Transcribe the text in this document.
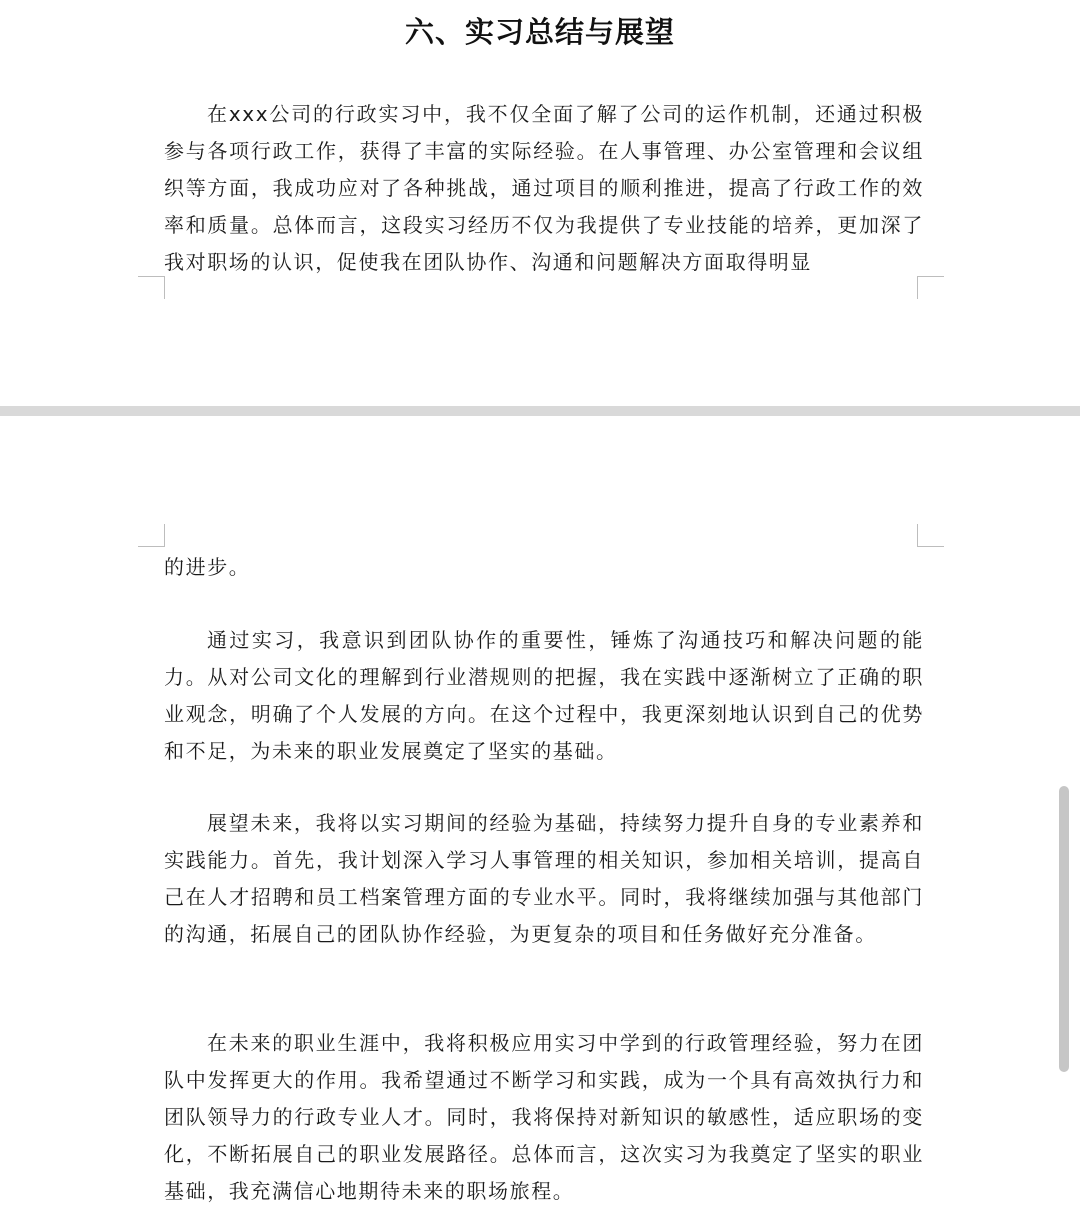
六、实习总结与展望

在xxx公司的行政实习中，我不仅全面了解了公司的运作机制，还通过积极参与各项行政工作，获得了丰富的实际经验。在人事管理、办公室管理和会议组织等方面，我成功应对了各种挑战，通过项目的顺利推进，提高了行政工作的效率和质量。总体而言，这段实习经历不仅为我提供了专业技能的培养，更加深了我对职场的认识，促使我在团队协作、沟通和问题解决方面取得明显

的进步。

通过实习，我意识到团队协作的重要性，锤炼了沟通技巧和解决问题的能力。从对公司文化的理解到行业潜规则的把握，我在实践中逐渐树立了正确的职业观念，明确了个人发展的方向。在这个过程中，我更深刻地认识到自己的优势和不足，为未来的职业发展奠定了坚实的基础。

展望未来，我将以实习期间的经验为基础，持续努力提升自身的专业素养和实践能力。首先，我计划深入学习人事管理的相关知识，参加相关培训，提高自己在人才招聘和员工档案管理方面的专业水平。同时，我将继续加强与其他部门的沟通，拓展自己的团队协作经验，为更复杂的项目和任务做好充分准备。

在未来的职业生涯中，我将积极应用实习中学到的行政管理经验，努力在团队中发挥更大的作用。我希望通过不断学习和实践，成为一个具有高效执行力和团队领导力的行政专业人才。同时，我将保持对新知识的敏感性，适应职场的变化，不断拓展自己的职业发展路径。总体而言，这次实习为我奠定了坚实的职业基础，我充满信心地期待未来的职场旅程。
